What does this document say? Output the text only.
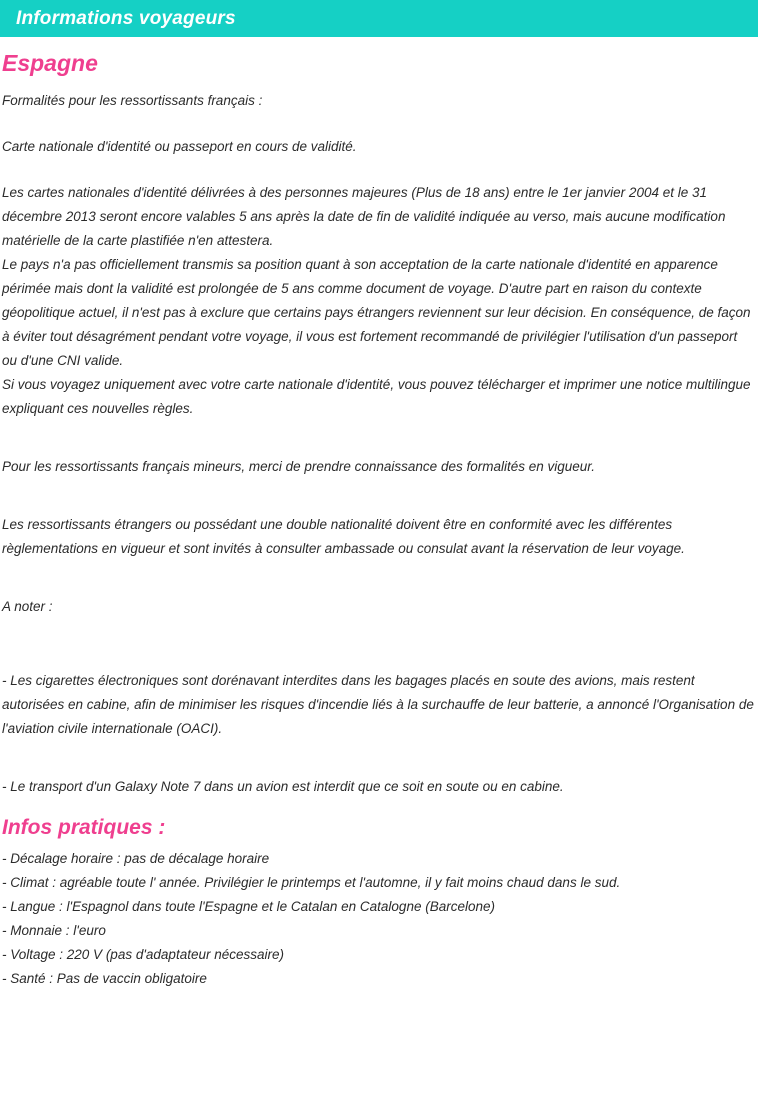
Informations voyageurs
Espagne

Formalités pour les ressortissants français :

Carte nationale d'identité ou passeport en cours de validité.

Les cartes nationales d'identité délivrées à des personnes majeures (Plus de 18 ans) entre le 1er janvier 2004 et le 31 décembre 2013 seront encore valables 5 ans après la date de fin de validité indiquée au verso, mais aucune modification matérielle de la carte plastifiée n'en attestera.

Le pays n'a pas officiellement transmis sa position quant à son acceptation de la carte nationale d'identité en apparence périmée mais dont la validité est prolongée de 5 ans comme document de voyage. D'autre part en raison du contexte géopolitique actuel, il n'est pas à exclure que certains pays étrangers reviennent sur leur décision. En conséquence, de façon à éviter tout désagrément pendant votre voyage, il vous est fortement recommandé de privilégier l'utilisation d'un passeport ou d'une CNI valide.

Si vous voyagez uniquement avec votre carte nationale d'identité, vous pouvez télécharger et imprimer une notice multilingue expliquant ces nouvelles règles.

Pour les ressortissants français mineurs, merci de prendre connaissance des formalités en vigueur.

Les ressortissants étrangers ou possédant une double nationalité doivent être en conformité avec les différentes règlementations en vigueur et sont invités à consulter ambassade ou consulat avant la réservation de leur voyage.

A noter :

- Les cigarettes électroniques sont dorénavant interdites dans les bagages placés en soute des avions, mais restent autorisées en cabine, afin de minimiser les risques d'incendie liés à la surchauffe de leur batterie, a annoncé l'Organisation de l'aviation civile internationale (OACI).

- Le transport d'un Galaxy Note 7 dans un avion est interdit que ce soit en soute ou en cabine.

Infos pratiques :
- Décalage horaire : pas de décalage horaire
- Climat : agréable toute l' année. Privilégier le printemps et l'automne, il y fait moins chaud dans le sud.
- Langue : l'Espagnol dans toute l'Espagne et le Catalan en Catalogne (Barcelone)
- Monnaie : l'euro
- Voltage : 220 V (pas d'adaptateur nécessaire)
- Santé : Pas de vaccin obligatoire
